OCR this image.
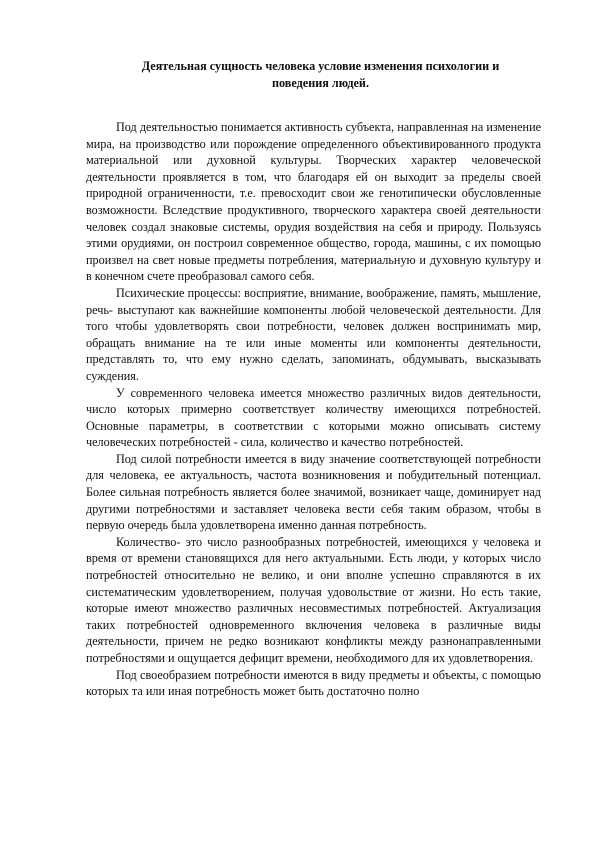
Деятельная сущность человека условие изменения психологии и
поведения людей.

Под деятельностью понимается активность субъекта, направленная на изменение мира, на производство или порождение определенного объективированного продукта материальной или духовной культуры. Творческих характер человеческой деятельности проявляется в том, что благодаря ей он выходит за пределы своей природной ограниченности, т.е. превосходит свои же генотипически обусловленные возможности. Вследствие продуктивного, творческого характера своей деятельности человек создал знаковые системы, орудия воздействия на себя и природу. Пользуясь этими орудиями, он построил современное общество, города, машины, с их помощью произвел на свет новые предметы потребления, материальную и духовную культуру и в конечном счете преобразовал самого себя.

Психические процессы: восприятие, внимание, воображение, память, мышление, речь- выступают как важнейшие компоненты любой человеческой деятельности. Для того чтобы удовлетворять свои потребности, человек должен воспринимать мир, обращать внимание на те или иные моменты или компоненты деятельности, представлять то, что ему нужно сделать, запоминать, обдумывать, высказывать суждения.

У современного человека имеется множество различных видов деятельности, число которых примерно соответствует количеству имеющихся потребностей. Основные параметры, в соответствии с которыми можно описывать систему человеческих потребностей - сила, количество и качество потребностей.

Под силой потребности имеется в виду значение соответствующей потребности для человека, ее актуальность, частота возникновения и побудительный потенциал. Более сильная потребность является более значимой, возникает чаще, доминирует над другими потребностями и заставляет человека вести себя таким образом, чтобы в первую очередь была удовлетворена именно данная потребность.

Количество- это число разнообразных потребностей, имеющихся у человека и время от времени становящихся для него актуальными. Есть люди, у которых число потребностей относительно не велико, и они вполне успешно справляются в их систематическим удовлетворением, получая удовольствие от жизни. Но есть такие, которые имеют множество различных несовместимых потребностей. Актуализация таких потребностей одновременного включения человека в различные виды деятельности, причем не редко возникают конфликты между разнонаправленными потребностями и ощущается дефицит времени, необходимого для их удовлетворения.

Под своеобразием потребности имеются в виду предметы и объекты, с помощью которых та или иная потребность может быть достаточно полно
